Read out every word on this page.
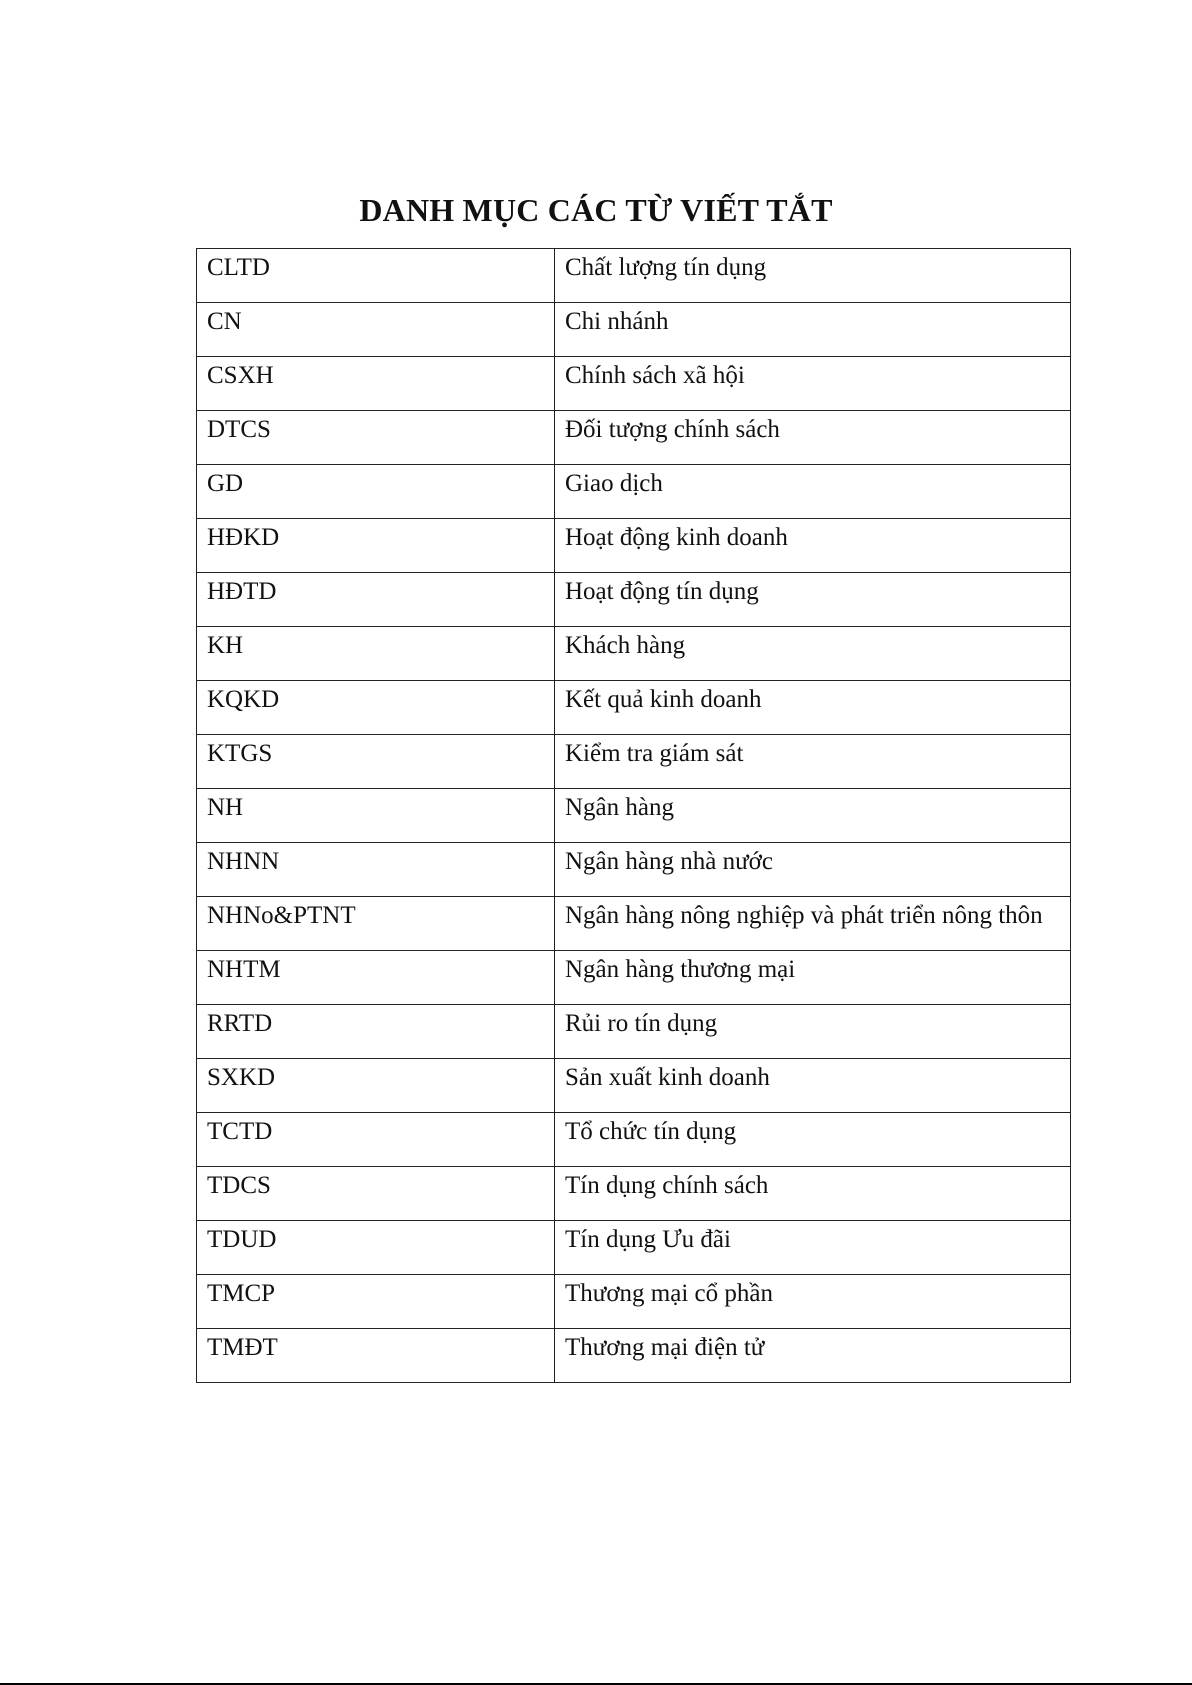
DANH MỤC CÁC TỪ VIẾT TẮT
CLTD	Chất lượng tín dụng
CN	Chi nhánh
CSXH	Chính sách xã hội
DTCS	Đối tượng chính sách
GD	Giao dịch
HĐKD	Hoạt động kinh doanh
HĐTD	Hoạt động tín dụng
KH	Khách hàng
KQKD	Kết quả kinh doanh
KTGS	Kiểm tra giám sát
NH	Ngân hàng
NHNN	Ngân hàng nhà nước
NHNo&PTNT	Ngân hàng nông nghiệp và phát triển nông thôn
NHTM	Ngân hàng thương mại
RRTD	Rủi ro tín dụng
SXKD	Sản xuất kinh doanh
TCTD	Tổ chức tín dụng
TDCS	Tín dụng chính sách
TDUD	Tín dụng Ưu đãi
TMCP	Thương mại cổ phần
TMĐT	Thương mại điện tử
